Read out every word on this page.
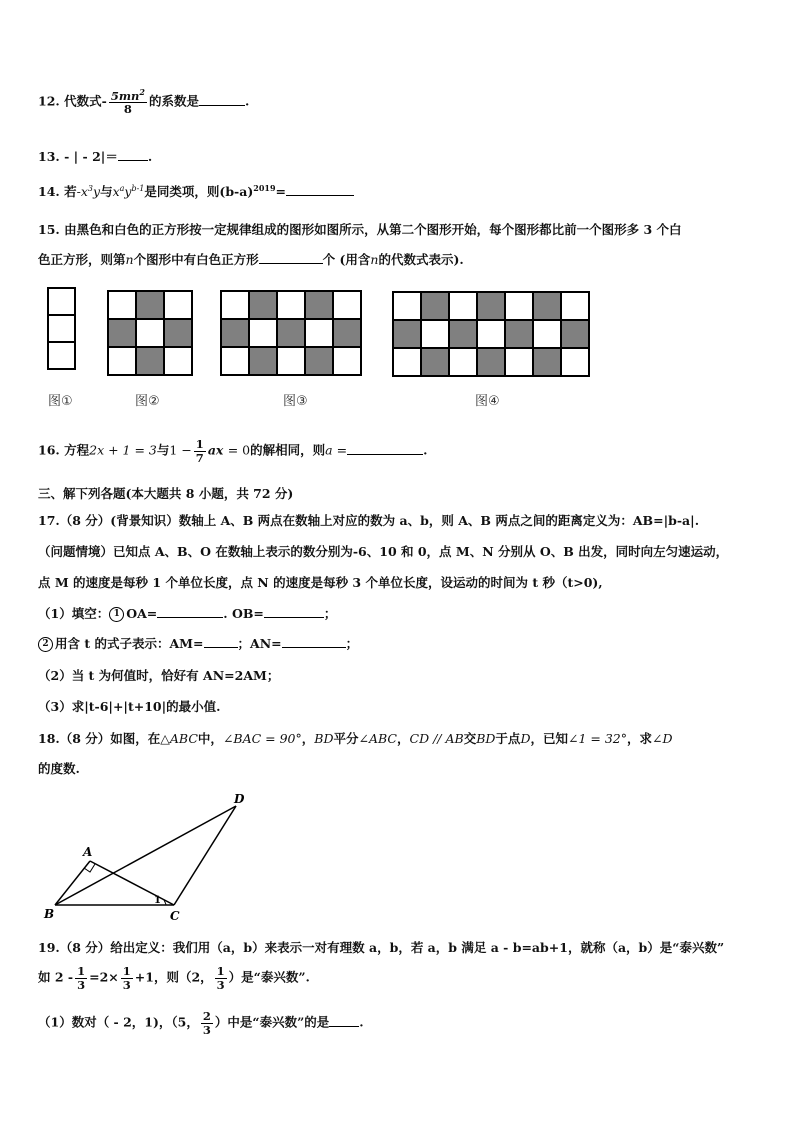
12. 代数式- $\frac{5mn^2}{8}$ 的系数是	.
13. - | - 2|＝ .
14. 若$-x^3y$与$x^ay^{b-1}$是同类项，则$(b-a)^{2019}=$
15. 由黑色和白色的正方形按一定规律组成的图形如图所示，从第二个图形开始，每个图形都比前一个图形多 3 个白
色正方形，则第n个图形中有白色正方形	个 (用含n的代数式表示).
图①	图②	图③	图④
16. 方程2x + 1 = 3与$1 - \frac{1}{7}$ ax = 0的解相同，则a =	.
三、解下列各题(本大题共 8 小题，共 72 分)
17.（8 分）(背景知识）数轴上 A、B 两点在数轴上对应的数为 a、b，则 A、B 两点之间的距离定义为：AB=|b-a|.
（问题情境）已知点 A、B、O 在数轴上表示的数分别为-6、10 和 0，点 M、N 分别从 O、B 出发，同时向左匀速运动，
点 M 的速度是每秒 1 个单位长度，点 N 的速度是每秒 3 个单位长度，设运动的时间为 t 秒（t>0),
（1）填空： 1 OA=	. OB=	；
2 用含 t 的式子表示：AM=	；AN=	；
（2）当 t 为何值时，恰好有 AN=2AM；
（3）求|t-6|+|t+10|的最小值.
18.（8 分）如图，在△ABC中，∠BAC = 90°，BD平分∠ABC，CD // AB交BD于点D，已知∠1 = 32°，求∠D
的度数.
A
B	C
D
1
19.（8 分）给出定义：我们用（a，b）来表示一对有理数 a，b，若 a，b 满足 a - b=ab+1，就称（a，b）是“泰兴数”
如 $2 - \frac{1}{3} =2\times \frac{1}{3} +1$，则（2， $\frac{1}{3}$ ）是“泰兴数”.
（1）数对（ - 2，1)，（5， $\frac{2}{3}$ ）中是“泰兴数”的是 .
